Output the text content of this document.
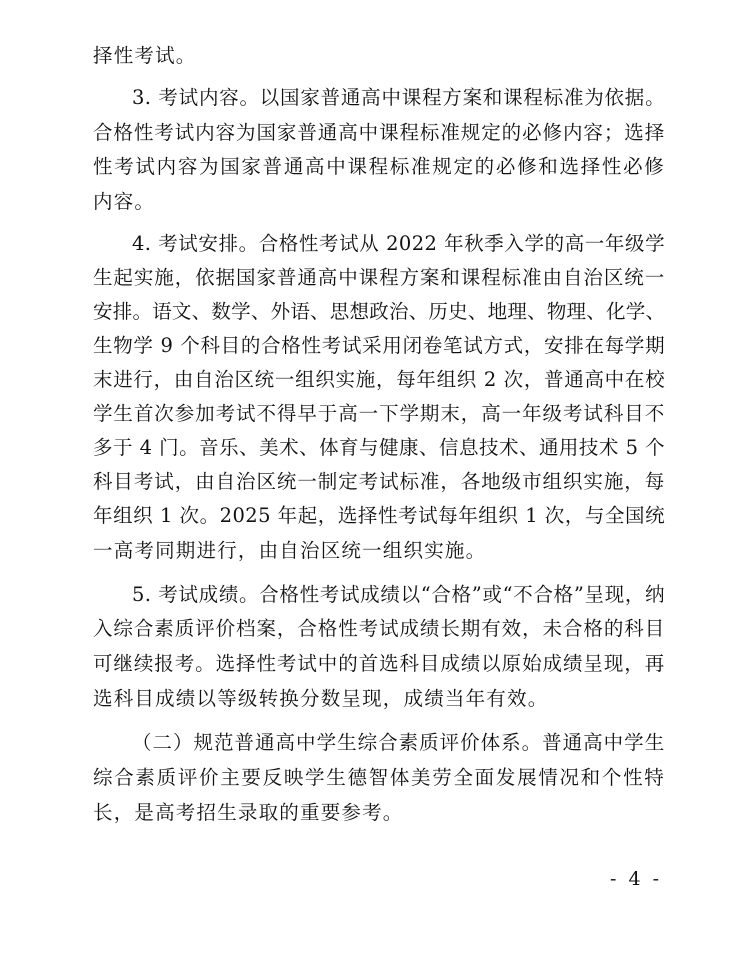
择性考试。
3. 考试内容。以国家普通高中课程方案和课程标准为依据。
合格性考试内容为国家普通高中课程标准规定的必修内容；选择
性考试内容为国家普通高中课程标准规定的必修和选择性必修
内容。
4. 考试安排。合格性考试从 2022 年秋季入学的高一年级学
生起实施，依据国家普通高中课程方案和课程标准由自治区统一
安排。语文、数学、外语、思想政治、历史、地理、物理、化学、
生物学 9 个科目的合格性考试采用闭卷笔试方式，安排在每学期
末进行，由自治区统一组织实施，每年组织 2 次，普通高中在校
学生首次参加考试不得早于高一下学期末，高一年级考试科目不
多于 4 门。音乐、美术、体育与健康、信息技术、通用技术 5 个
科目考试，由自治区统一制定考试标准，各地级市组织实施，每
年组织 1 次。2025 年起，选择性考试每年组织 1 次，与全国统
一高考同期进行，由自治区统一组织实施。
5. 考试成绩。合格性考试成绩以“合格”或“不合格”呈现，纳
入综合素质评价档案，合格性考试成绩长期有效，未合格的科目
可继续报考。选择性考试中的首选科目成绩以原始成绩呈现，再
选科目成绩以等级转换分数呈现，成绩当年有效。
（二）规范普通高中学生综合素质评价体系。普通高中学生
综合素质评价主要反映学生德智体美劳全面发展情况和个性特
长，是高考招生录取的重要参考。
- 4 -
